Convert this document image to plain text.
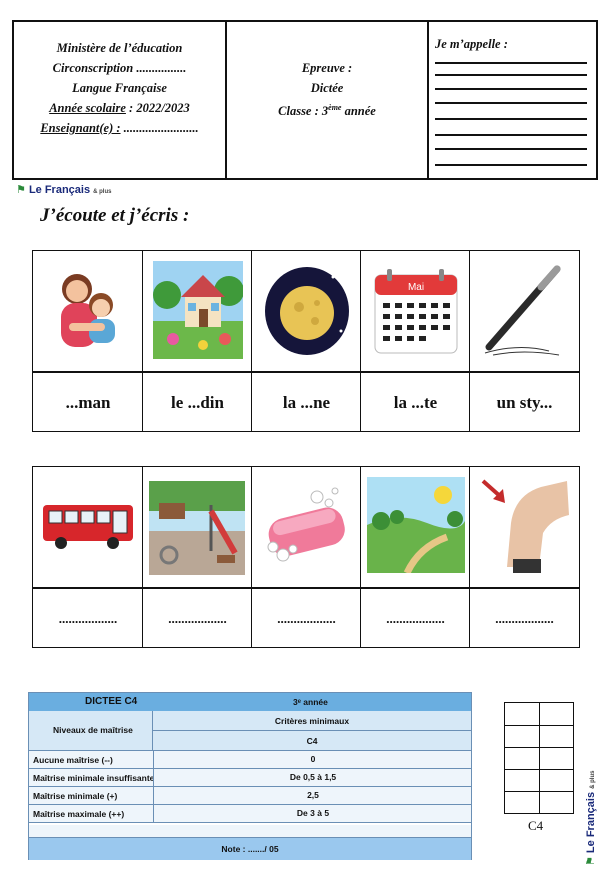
Ministère de l’éducation
Circonscription ................
Langue Française
Année scolaire : 2022/2023
Enseignant(e) : ........................
Epreuve :
Dictée
Classe : 3ème année
Je m’appelle :
⚑ Le Français & plus
J’écoute et j’écris :
Mai
...man	le ...din	la ...ne	la ...te	un sty...
..................	..................	..................	..................	..................
DICTEE C4	3ᵉ année
Niveaux de maîtrise
Critères minimaux
C4
Aucune maîtrise (--)	0
Maîtrise minimale insuffisante	De 0,5 à 1,5
Maîtrise minimale (+)	2,5
Maîtrise maximale (++)	De 3 à 5
Note : ......./ 05
C4
⚑ Le Français & plus
